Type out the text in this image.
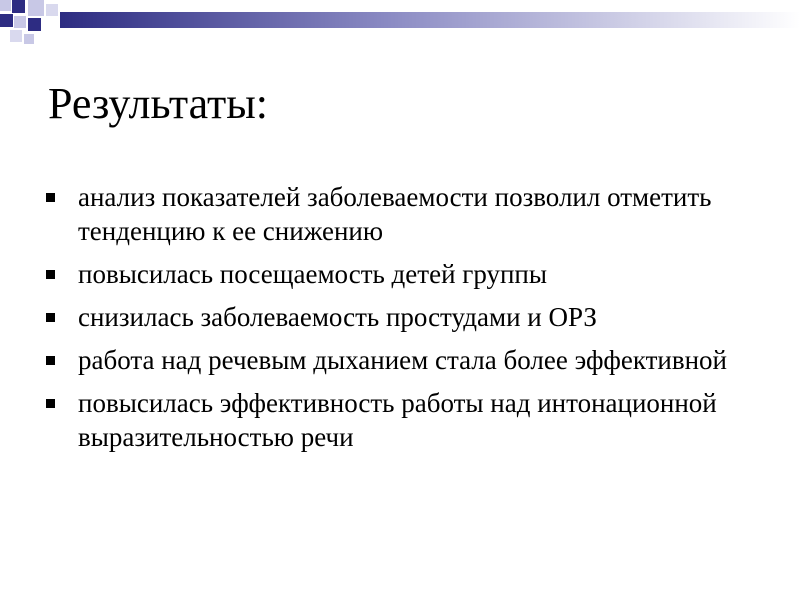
Результаты:
анализ показателей заболеваемости позволил отметить тенденцию к ее снижению
повысилась посещаемость детей группы
снизилась заболеваемость простудами и ОРЗ
работа над речевым дыханием стала более эффективной
повысилась эффективность работы над интонационной выразительностью речи
